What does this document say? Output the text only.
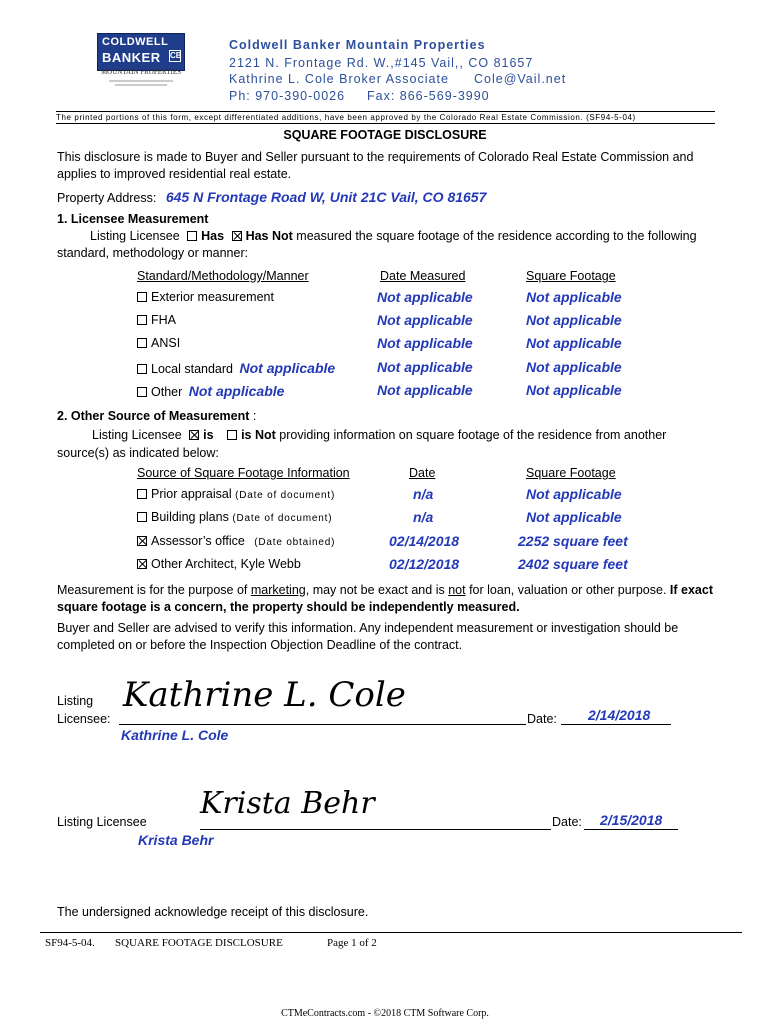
COLDWELL
BANKER CB
MOUNTAIN PROPERTIES
Coldwell Banker Mountain Properties
2121 N. Frontage Rd. W.,#145 Vail,, CO 81657
Kathrine L. Cole Broker Associate Cole@Vail.net
Ph: 970-390-0026 Fax: 866-569-3990
The printed portions of this form, except differentiated additions, have been approved by the Colorado Real Estate Commission. (SF94-5-04)
SQUARE FOOTAGE DISCLOSURE
This disclosure is made to Buyer and Seller pursuant to the requirements of Colorado Real Estate Commission and
applies to improved residential real estate.
Property Address: 645 N Frontage Road W, Unit 21C Vail, CO 81657
1. Licensee Measurement
Listing Licensee Has Has Not measured the square footage of the residence according to the following
standard, methodology or manner:
Standard/Methodology/Manner	Date Measured	Square Footage
Exterior measurement	Not applicable	Not applicable
FHA	Not applicable	Not applicable
ANSI	Not applicable	Not applicable
Local standard Not applicable	Not applicable	Not applicable
Other Not applicable	Not applicable	Not applicable
2. Other Source of Measurement :
Listing Licensee is is Not providing information on square footage of the residence from another
source(s) as indicated below:
Source of Square Footage Information	Date	Square Footage
Prior appraisal (Date of document)	n/a	Not applicable
Building plans (Date of document)	n/a	Not applicable
Assessor’s office (Date obtained)	02/14/2018	2252 square feet
Other Architect, Kyle Webb	02/12/2018	2402 square feet
Measurement is for the purpose of marketing, may not be exact and is not for loan, valuation or other purpose. If exact
square footage is a concern, the property should be independently measured.
Buyer and Seller are advised to verify this information. Any independent measurement or investigation should be
completed on or before the Inspection Objection Deadline of the contract.
Listing
Licensee:
Kathrine L. Cole
Date: 2/14/2018
Kathrine L. Cole
Listing Licensee
Krista Behr
Date: 2/15/2018
Krista Behr
The undersigned acknowledge receipt of this disclosure.
SF94-5-04. SQUARE FOOTAGE DISCLOSURE	Page 1 of 2
CTMeContracts.com - ©2018 CTM Software Corp.
